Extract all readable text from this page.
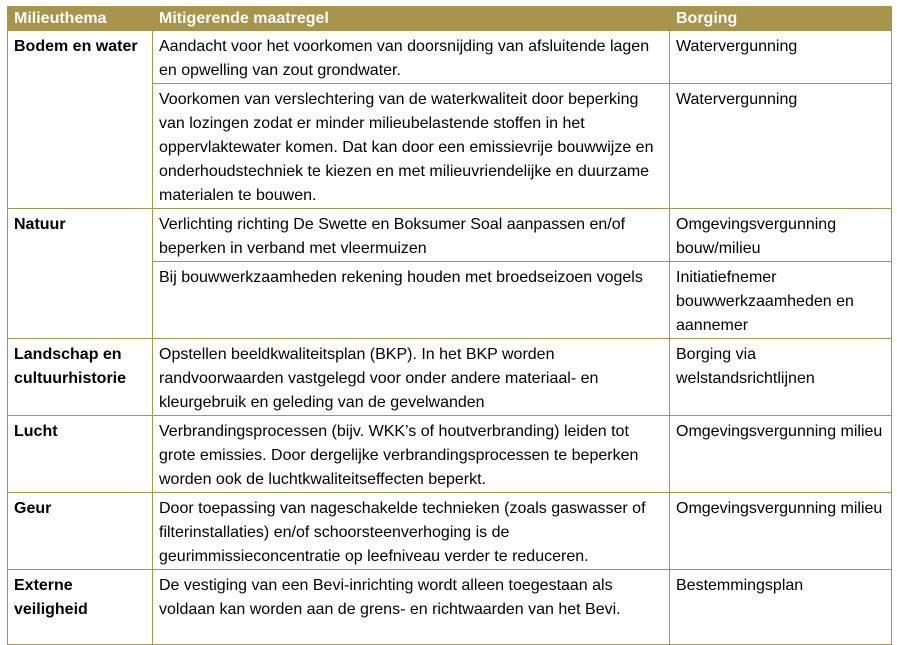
Milieuthema	Mitigerende maatregel	Borging
Bodem en water	Aandacht voor het voorkomen van doorsnijding van afsluitende lagen en opwelling van zout grondwater.	Watervergunning
	Voorkomen van verslechtering van de waterkwaliteit door beperking van lozingen zodat er minder milieubelastende stoffen in het oppervlaktewater komen. Dat kan door een emissievrije bouwwijze en onderhoudstechniek te kiezen en met milieuvriendelijke en duurzame materialen te bouwen.	Watervergunning
Natuur	Verlichting richting De Swette en Boksumer Soal aanpassen en/of beperken in verband met vleermuizen	Omgevingsvergunning bouw/milieu
	Bij bouwwerkzaamheden rekening houden met broedseizoen vogels	Initiatiefnemer bouwwerkzaamheden en aannemer
Landschap en cultuurhistorie	Opstellen beeldkwaliteitsplan (BKP). In het BKP worden randvoorwaarden vastgelegd voor onder andere materiaal- en kleurgebruik en geleding van de gevelwanden	Borging via welstandsrichtlijnen
Lucht	Verbrandingsprocessen (bijv. WKK’s of houtverbranding) leiden tot grote emissies. Door dergelijke verbrandingsprocessen te beperken worden ook de luchtkwaliteitseffecten beperkt.	Omgevingsvergunning milieu
Geur	Door toepassing van nageschakelde technieken (zoals gaswasser of filterinstallaties) en/of schoorsteenverhoging is de geurimmissieconcentratie op leefniveau verder te reduceren.	Omgevingsvergunning milieu
Externe veiligheid	De vestiging van een Bevi-inrichting wordt alleen toegestaan als voldaan kan worden aan de grens- en richtwaarden van het Bevi.	Bestemmingsplan
